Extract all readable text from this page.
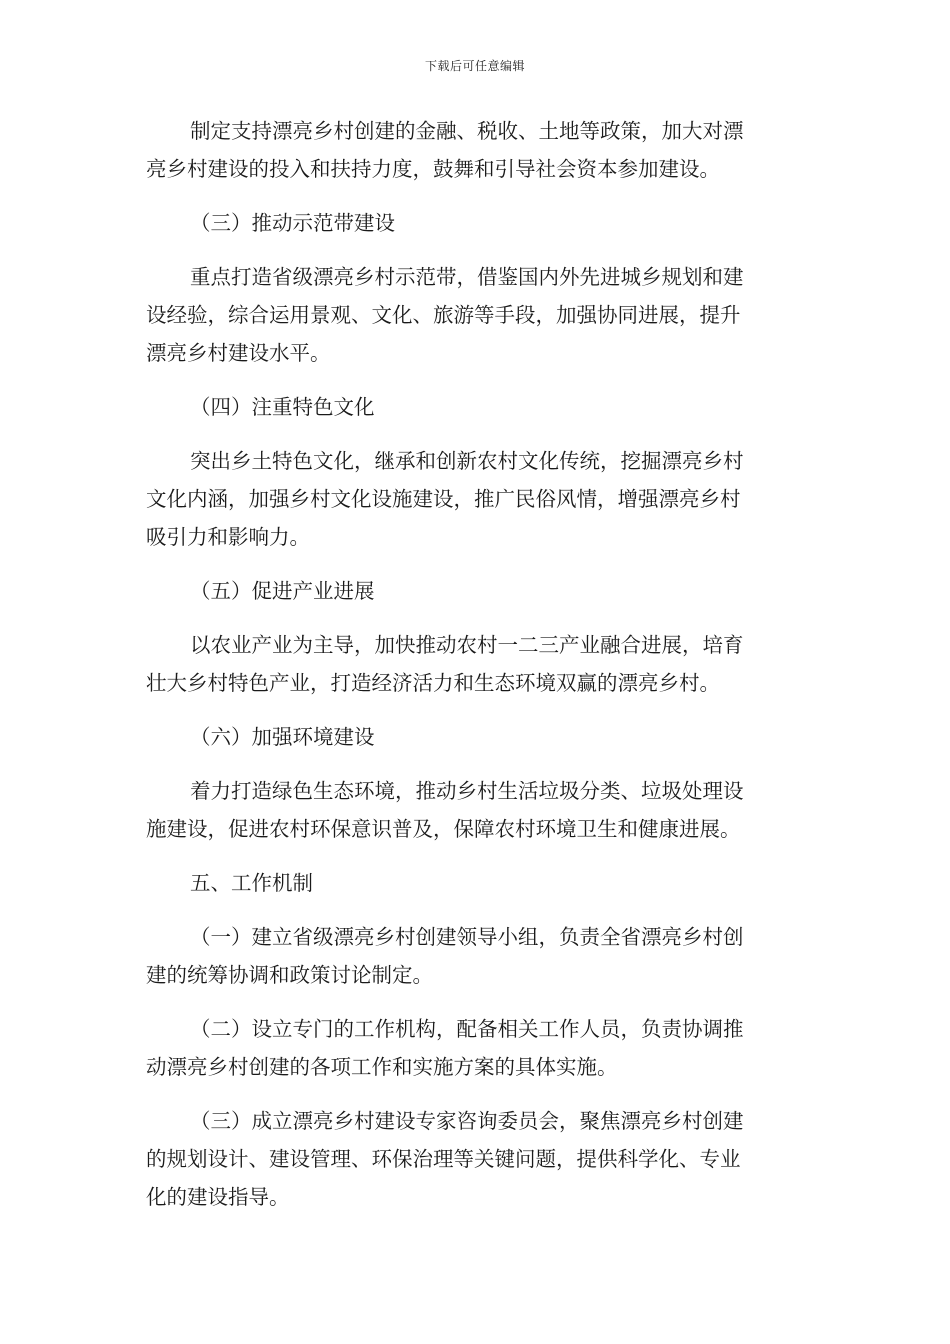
下载后可任意编辑
制定支持漂亮乡村创建的金融、税收、土地等政策，加大对漂
亮乡村建设的投入和扶持力度，鼓舞和引导社会资本参加建设。
（三）推动示范带建设
重点打造省级漂亮乡村示范带，借鉴国内外先进城乡规划和建
设经验，综合运用景观、文化、旅游等手段，加强协同进展，提升
漂亮乡村建设水平。
（四）注重特色文化
突出乡土特色文化，继承和创新农村文化传统，挖掘漂亮乡村
文化内涵，加强乡村文化设施建设，推广民俗风情，增强漂亮乡村
吸引力和影响力。
（五）促进产业进展
以农业产业为主导，加快推动农村一二三产业融合进展，培育
壮大乡村特色产业，打造经济活力和生态环境双赢的漂亮乡村。
（六）加强环境建设
着力打造绿色生态环境，推动乡村生活垃圾分类、垃圾处理设
施建设，促进农村环保意识普及，保障农村环境卫生和健康进展。
五、工作机制
（一）建立省级漂亮乡村创建领导小组，负责全省漂亮乡村创
建的统筹协调和政策讨论制定。
（二）设立专门的工作机构，配备相关工作人员，负责协调推
动漂亮乡村创建的各项工作和实施方案的具体实施。
（三）成立漂亮乡村建设专家咨询委员会，聚焦漂亮乡村创建
的规划设计、建设管理、环保治理等关键问题，提供科学化、专业
化的建设指导。
